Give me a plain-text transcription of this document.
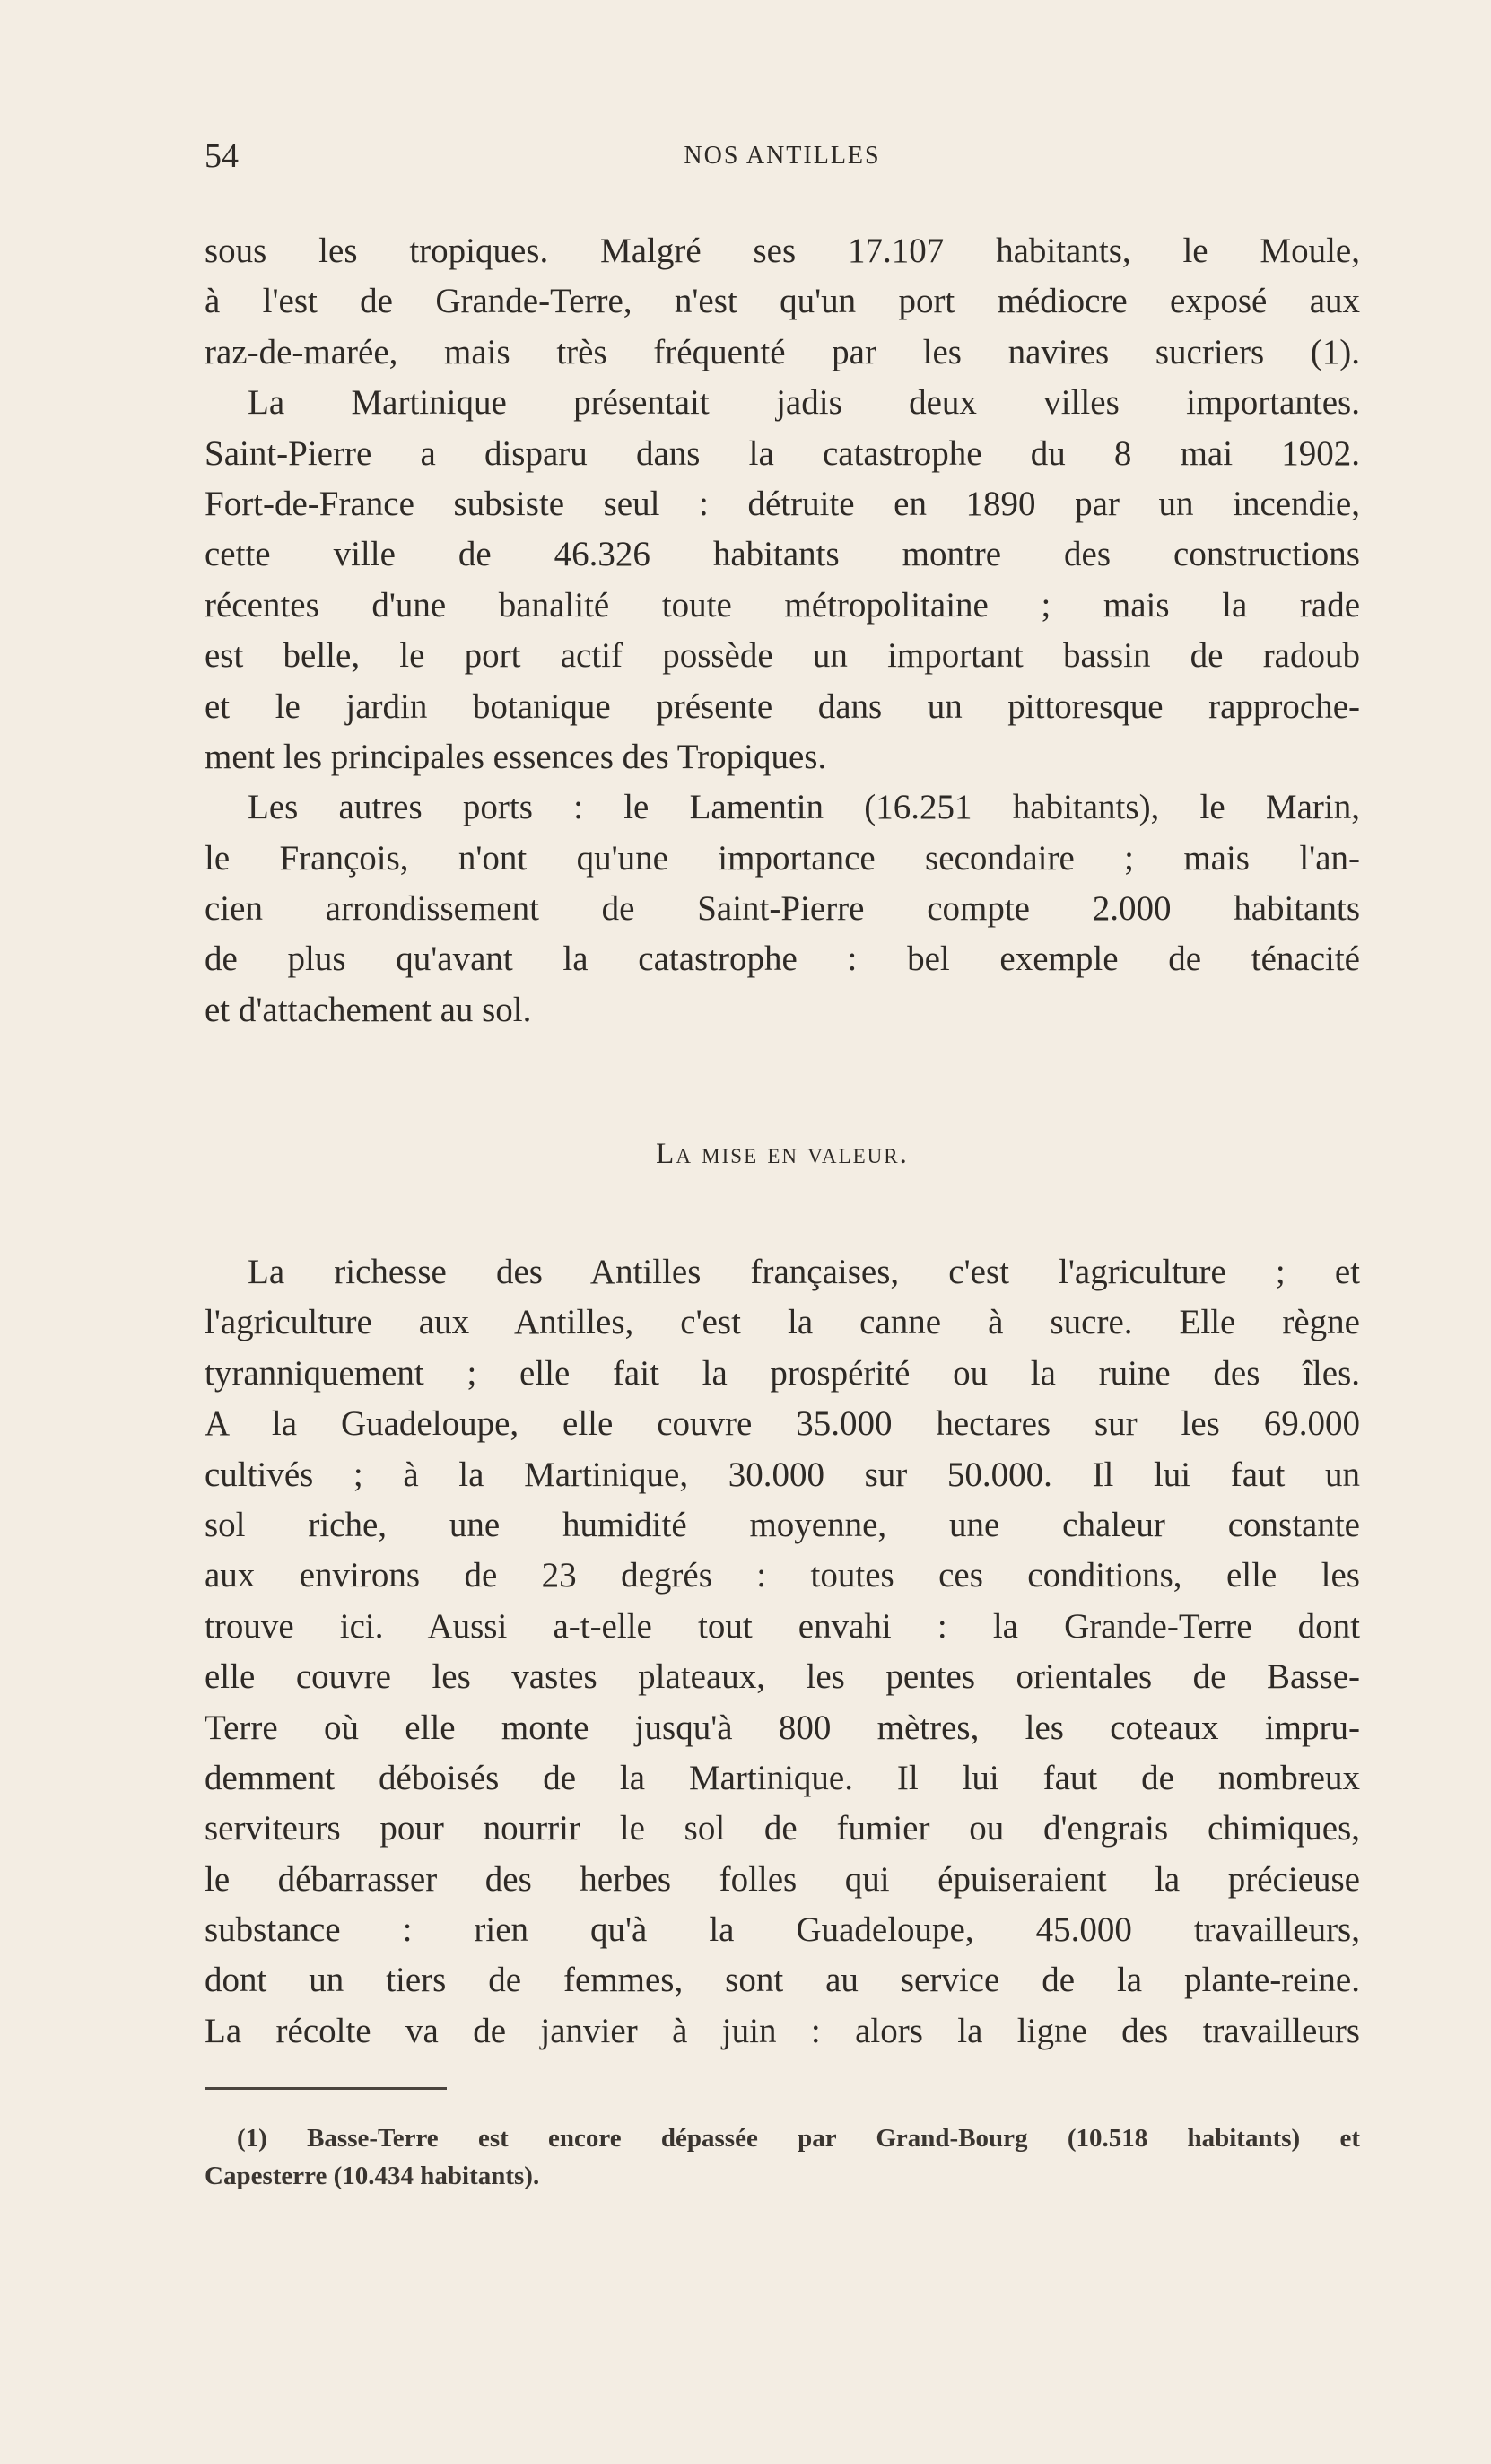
54	NOS ANTILLES
sous les tropiques. Malgré ses 17.107 habitants, le Moule,
à l'est de Grande-Terre, n'est qu'un port médiocre exposé aux
raz-de-marée, mais très fréquenté par les navires sucriers (1).
La Martinique présentait jadis deux villes importantes.
Saint-Pierre a disparu dans la catastrophe du 8 mai 1902.
Fort-de-France subsiste seul : détruite en 1890 par un incendie,
cette ville de 46.326 habitants montre des constructions
récentes d'une banalité toute métropolitaine ; mais la rade
est belle, le port actif possède un important bassin de radoub
et le jardin botanique présente dans un pittoresque rapproche-
ment les principales essences des Tropiques.
Les autres ports : le Lamentin (16.251 habitants), le Marin,
le François, n'ont qu'une importance secondaire ; mais l'an-
cien arrondissement de Saint-Pierre compte 2.000 habitants
de plus qu'avant la catastrophe : bel exemple de ténacité
et d'attachement au sol.
La mise en valeur.
La richesse des Antilles françaises, c'est l'agriculture ; et
l'agriculture aux Antilles, c'est la canne à sucre. Elle règne
tyranniquement ; elle fait la prospérité ou la ruine des îles.
A la Guadeloupe, elle couvre 35.000 hectares sur les 69.000
cultivés ; à la Martinique, 30.000 sur 50.000. Il lui faut un
sol riche, une humidité moyenne, une chaleur constante
aux environs de 23 degrés : toutes ces conditions, elle les
trouve ici. Aussi a-t-elle tout envahi : la Grande-Terre dont
elle couvre les vastes plateaux, les pentes orientales de Basse-
Terre où elle monte jusqu'à 800 mètres, les coteaux impru-
demment déboisés de la Martinique. Il lui faut de nombreux
serviteurs pour nourrir le sol de fumier ou d'engrais chimiques,
le débarrasser des herbes folles qui épuiseraient la précieuse
substance : rien qu'à la Guadeloupe, 45.000 travailleurs,
dont un tiers de femmes, sont au service de la plante-reine.
La récolte va de janvier à juin : alors la ligne des travailleurs
(1) Basse-Terre est encore dépassée par Grand-Bourg (10.518 habitants) et
Capesterre (10.434 habitants).
